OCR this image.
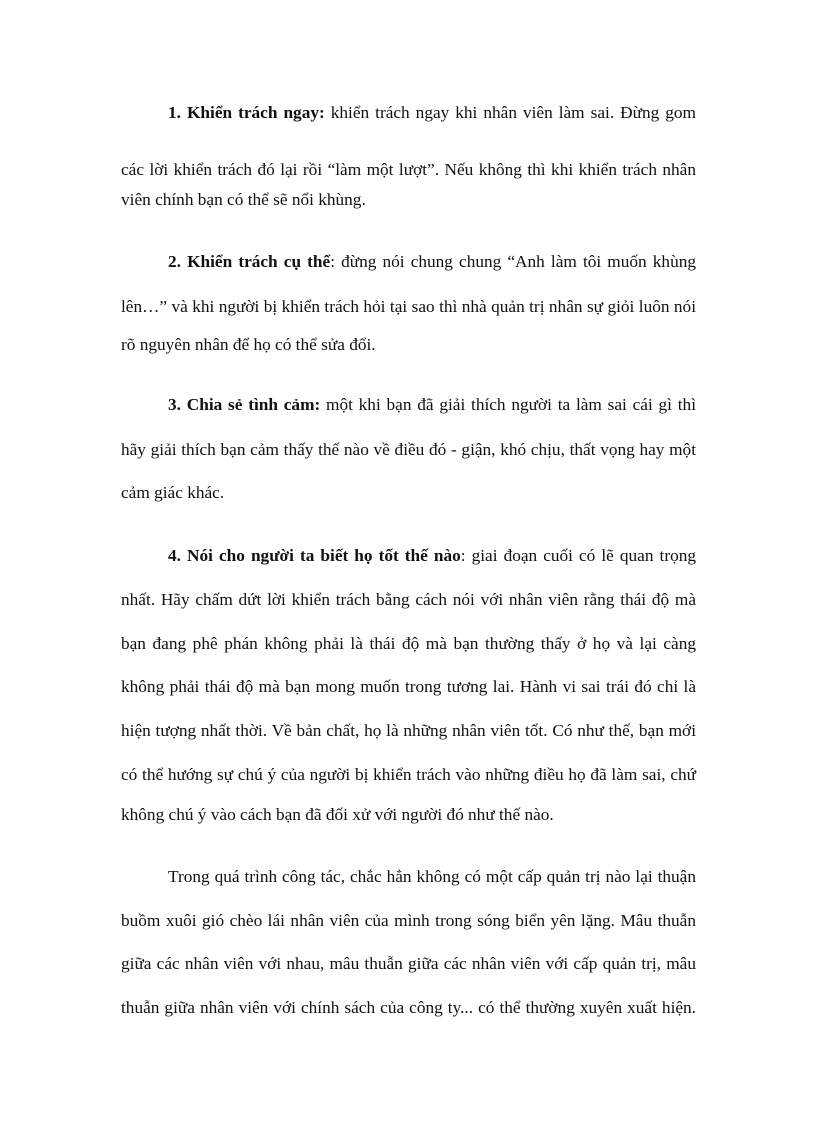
1. Khiển trách ngay: khiển trách ngay khi nhân viên làm sai. Đừng gom
các lời khiển trách đó lại rồi “làm một lượt”. Nếu không thì khi khiển trách nhân
viên chính bạn có thể sẽ nổi khùng.
2. Khiển trách cụ thể: đừng nói chung chung “Anh làm tôi muốn khùng
lên…” và khi người bị khiển trách hỏi tại sao thì nhà quản trị nhân sự giỏi luôn nói
rõ nguyên nhân để họ có thể sửa đổi.
3. Chia sẻ tình cảm: một khi bạn đã giải thích người ta làm sai cái gì thì
hãy giải thích bạn cảm thấy thế nào về điều đó - giận, khó chịu, thất vọng hay một
cảm giác khác.
4. Nói cho người ta biết họ tốt thế nào: giai đoạn cuối có lẽ quan trọng
nhất. Hãy chấm dứt lời khiển trách bằng cách nói với nhân viên rằng thái độ mà
bạn đang phê phán không phải là thái độ mà bạn thường thấy ở họ và lại càng
không phải thái độ mà bạn mong muốn trong tương lai. Hành vi sai trái đó chỉ là
hiện tượng nhất thời. Về bản chất, họ là những nhân viên tốt. Có như thế, bạn mới
có thể hướng sự chú ý của người bị khiển trách vào những điều họ đã làm sai, chứ
không chú ý vào cách bạn đã đối xử với người đó như thế nào.
Trong quá trình công tác, chắc hẳn không có một cấp quản trị nào lại thuận
buồm xuôi gió chèo lái nhân viên của mình trong sóng biển yên lặng. Mâu thuẫn
giữa các nhân viên với nhau, mâu thuẫn giữa các nhân viên với cấp quản trị, mâu
thuẫn giữa nhân viên với chính sách của công ty... có thể thường xuyên xuất hiện.
